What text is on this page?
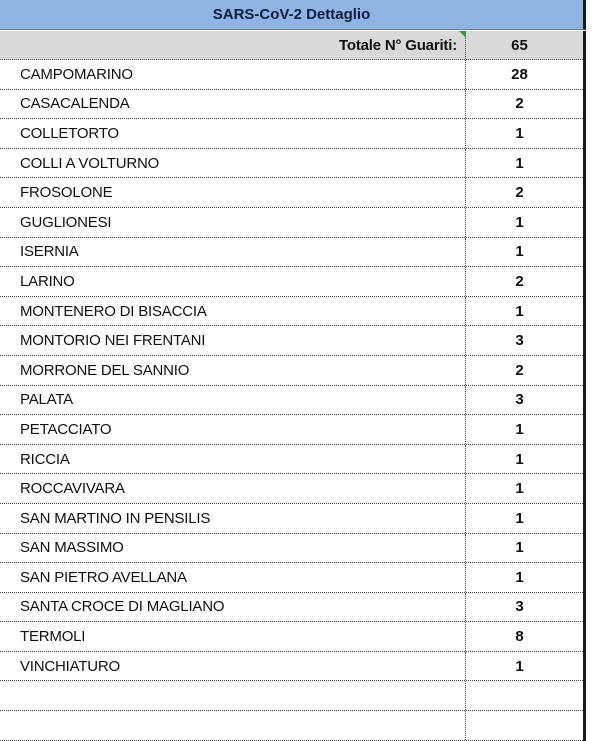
SARS-CoV-2 Dettaglio
Totale N° Guariti:	65
CAMPOMARINO	28
CASACALENDA	2
COLLETORTO	1
COLLI A VOLTURNO	1
FROSOLONE	2
GUGLIONESI	1
ISERNIA	1
LARINO	2
MONTENERO DI BISACCIA	1
MONTORIO NEI FRENTANI	3
MORRONE DEL SANNIO	2
PALATA	3
PETACCIATO	1
RICCIA	1
ROCCAVIVARA	1
SAN MARTINO IN PENSILIS	1
SAN MASSIMO	1
SAN PIETRO AVELLANA	1
SANTA CROCE DI MAGLIANO	3
TERMOLI	8
VINCHIATURO	1
